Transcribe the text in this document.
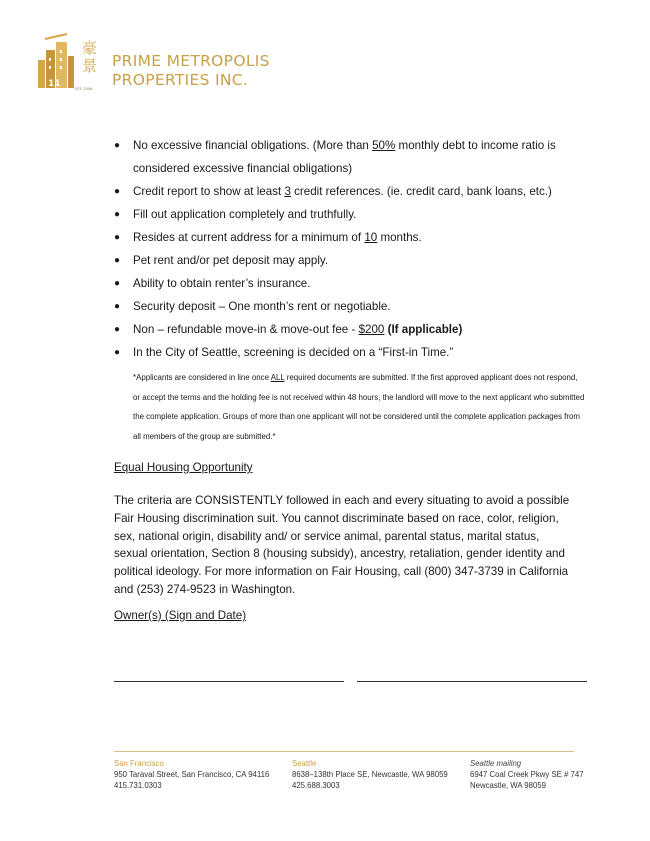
11	EST. 2006
豪
景 PRIME METROPOLIS
PROPERTIES INC.
● No excessive financial obligations. (More than 50% monthly debt to income ratio is considered excessive financial obligations)
● Credit report to show at least 3 credit references. (ie. credit card, bank loans, etc.)
● Fill out application completely and truthfully.
● Resides at current address for a minimum of 10 months.
● Pet rent and/or pet deposit may apply.
● Ability to obtain renter’s insurance.
● Security deposit – One month’s rent or negotiable.
● Non – refundable move-in & move-out fee - $200 (If applicable)
● In the City of Seattle, screening is decided on a “First-in Time.”
*Applicants are considered in line once ALL required documents are submitted. If the first approved applicant does not respond, or accept the terms and the holding fee is not received within 48 hours, the landlord will move to the next applicant who submitted the complete application. Groups of more than one applicant will not be considered until the complete application packages from all members of the group are submitted.*
Equal Housing Opportunity
The criteria are CONSISTENTLY followed in each and every situating to avoid a possible Fair Housing discrimination suit. You cannot discriminate based on race, color, religion, sex, national origin, disability and/ or service animal, parental status, marital status, sexual orientation, Section 8 (housing subsidy), ancestry, retaliation, gender identity and political ideology. For more information on Fair Housing, call (800) 347-3739 in California and (253) 274-9523 in Washington.
Owner(s) (Sign and Date)
San Francisco
950 Taraval Street, San Francisco, CA 94116
415.731.0303
Seattle
8638–138th Place SE, Newcastle, WA 98059
425.688.3003
Seattle mailing
6947 Coal Creek Pkwy SE # 747
Newcastle, WA 98059
